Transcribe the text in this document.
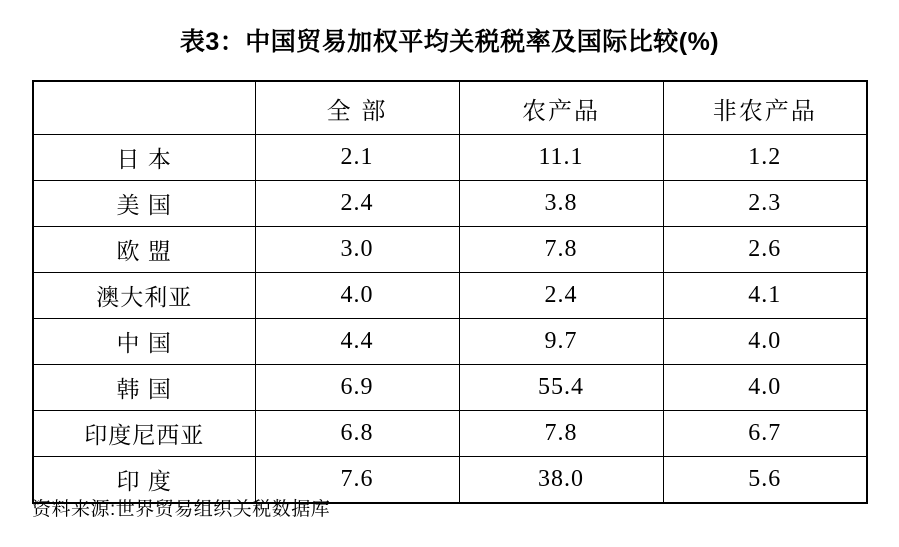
表3：中国贸易加权平均关税税率及国际比较(%)
	全 部	农产品	非农产品
日 本	2.1	11.1	1.2
美 国	2.4	3.8	2.3
欧 盟	3.0	7.8	2.6
澳大利亚	4.0	2.4	4.1
中 国	4.4	9.7	4.0
韩 国	6.9	55.4	4.0
印度尼西亚	6.8	7.8	6.7
印 度	7.6	38.0	5.6
资料来源:世界贸易组织关税数据库
